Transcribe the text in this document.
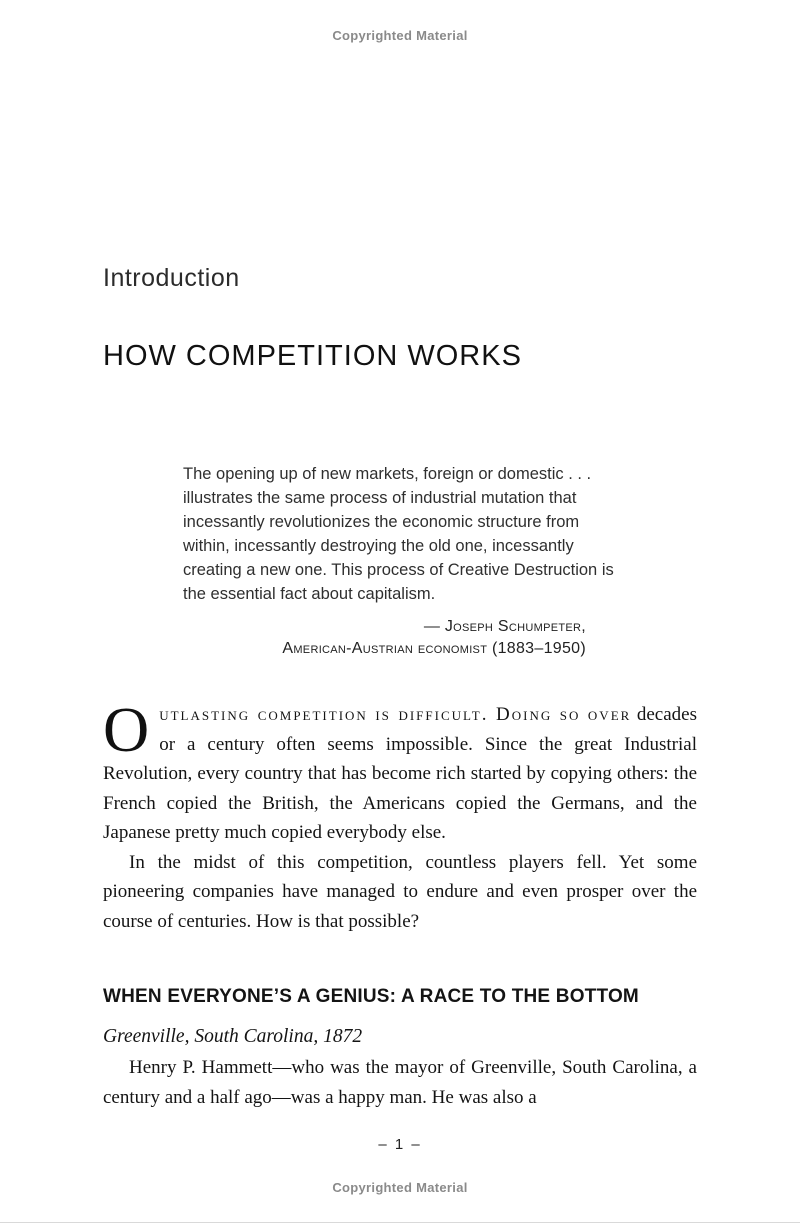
Copyrighted Material
Introduction
HOW COMPETITION WORKS
The opening up of new markets, foreign or domestic . . . illustrates the same process of industrial mutation that incessantly revolutionizes the economic structure from within, incessantly destroying the old one, incessantly creating a new one. This process of Creative Destruction is the essential fact about capitalism.
— Joseph Schumpeter,
American-Austrian economist (1883–1950)

Outlasting competition is difficult. Doing so over decades or a century often seems impossible. Since the great Industrial Revolution, every country that has become rich started by copying others: the French copied the British, the Americans copied the Germans, and the Japanese pretty much copied everybody else.

In the midst of this competition, countless players fell. Yet some pioneering companies have managed to endure and even prosper over the course of centuries. How is that possible?

WHEN EVERYONE’S A GENIUS: A RACE TO THE BOTTOM

Greenville, South Carolina, 1872

Henry P. Hammett—who was the mayor of Greenville, South Carolina, a century and a half ago—was a happy man. He was also a

– 1 –
Copyrighted Material
